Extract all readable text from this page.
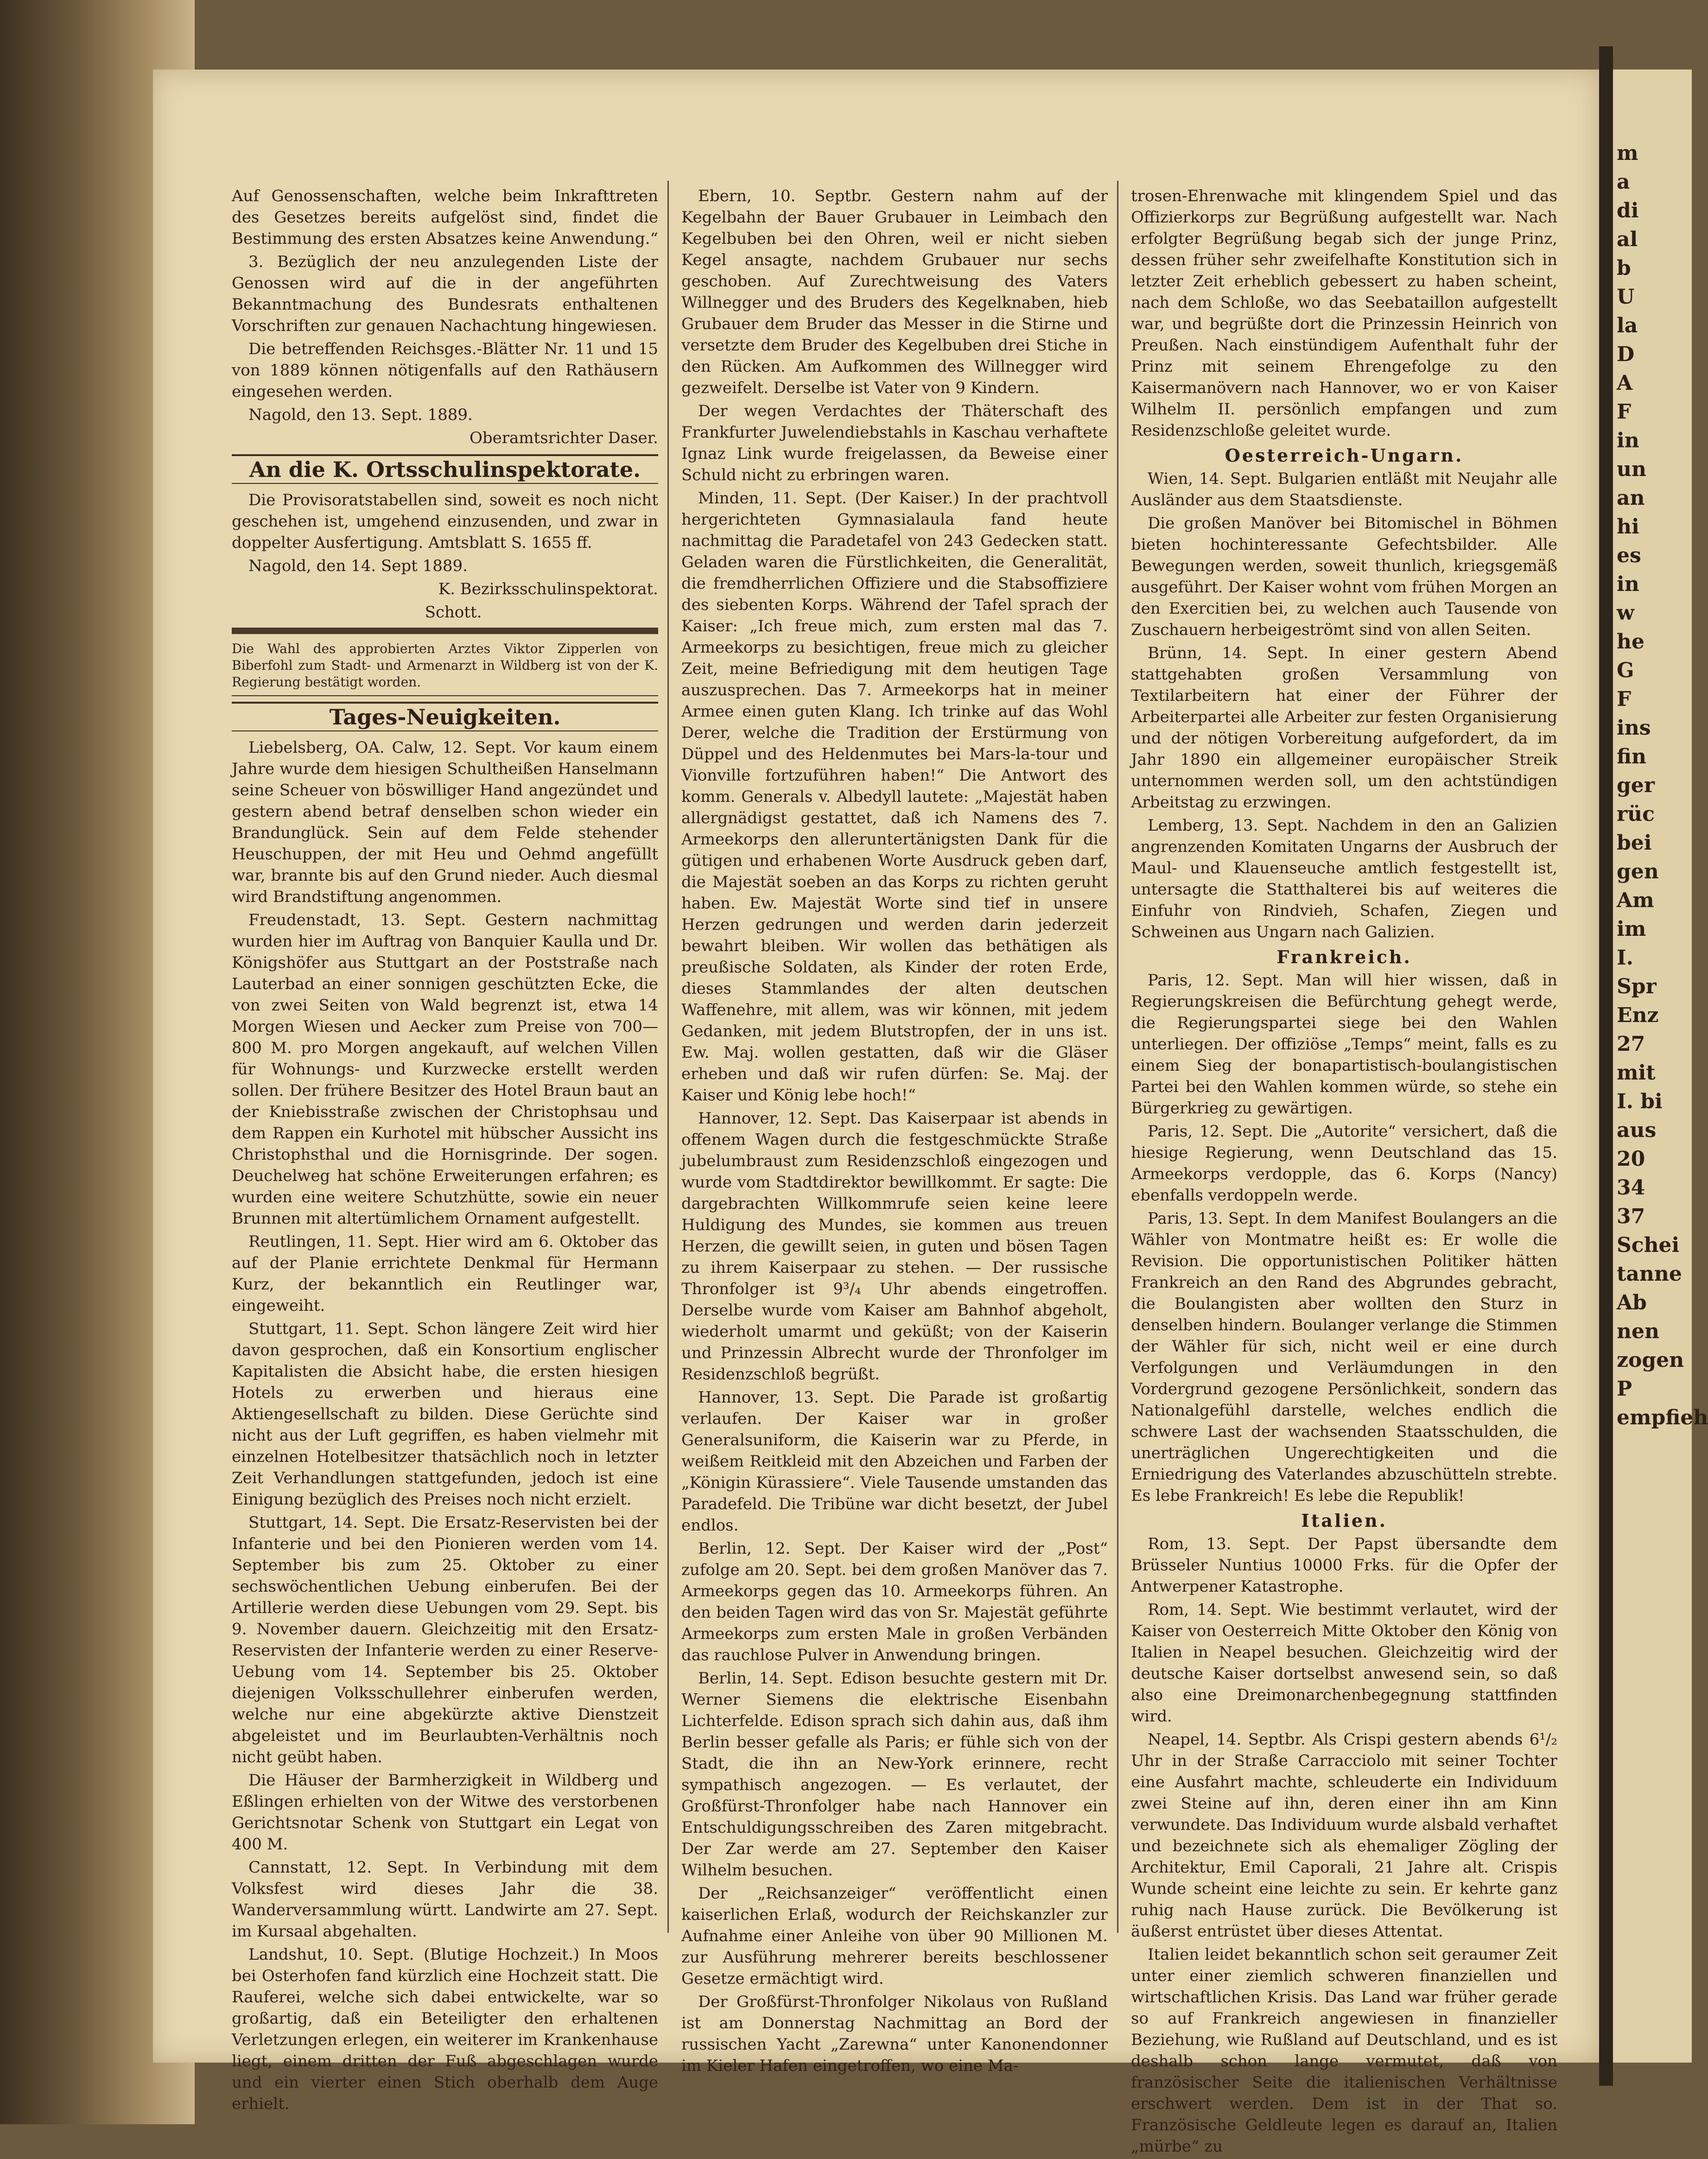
Auf Genossenschaften, welche beim Inkrafttreten des Gesetzes bereits aufgelöst sind, findet die Bestimmung des ersten Absatzes keine Anwendung.“

3. Bezüglich der neu anzulegenden Liste der Genossen wird auf die in der angeführten Bekanntmachung des Bundesrats enthaltenen Vorschriften zur genauen Nachachtung hingewiesen.

Die betreffenden Reichsges.-Blätter Nr. 11 und 15 von 1889 können nötigenfalls auf den Rathäusern eingesehen werden.

Nagold, den 13. Sept. 1889.

Oberamtsrichter Daser.

An die K. Ortsschulinspektorate.

Die Provisoratstabellen sind, soweit es noch nicht geschehen ist, umgehend einzusenden, und zwar in doppelter Ausfertigung. Amtsblatt S. 1655 ff.

Nagold, den 14. Sept 1889.

K. Bezirksschulinspektorat.

Schott.

Die Wahl des approbierten Arztes Viktor Zipperlen von Biberfohl zum Stadt- und Armenarzt in Wildberg ist von der K. Regierung bestätigt worden.
Tages-Neuigkeiten.

Liebelsberg, OA. Calw, 12. Sept. Vor kaum einem Jahre wurde dem hiesigen Schultheißen Hanselmann seine Scheuer von böswilliger Hand angezündet und gestern abend betraf denselben schon wieder ein Brandunglück. Sein auf dem Felde stehender Heuschuppen, der mit Heu und Oehmd angefüllt war, brannte bis auf den Grund nieder. Auch diesmal wird Brandstiftung angenommen.

Freudenstadt, 13. Sept. Gestern nachmittag wurden hier im Auftrag von Banquier Kaulla und Dr. Königshöfer aus Stuttgart an der Poststraße nach Lauterbad an einer sonnigen geschützten Ecke, die von zwei Seiten von Wald begrenzt ist, etwa 14 Morgen Wiesen und Aecker zum Preise von 700—800 M. pro Morgen angekauft, auf welchen Villen für Wohnungs- und Kurzwecke erstellt werden sollen. Der frühere Besitzer des Hotel Braun baut an der Kniebisstraße zwischen der Christophsau und dem Rappen ein Kurhotel mit hübscher Aussicht ins Christophsthal und die Hornisgrinde. Der sogen. Deuchelweg hat schöne Erweiterungen erfahren; es wurden eine weitere Schutzhütte, sowie ein neuer Brunnen mit altertümlichem Ornament aufgestellt.

Reutlingen, 11. Sept. Hier wird am 6. Oktober das auf der Planie errichtete Denkmal für Hermann Kurz, der bekanntlich ein Reutlinger war, eingeweiht.

Stuttgart, 11. Sept. Schon längere Zeit wird hier davon gesprochen, daß ein Konsortium englischer Kapitalisten die Absicht habe, die ersten hiesigen Hotels zu erwerben und hieraus eine Aktiengesellschaft zu bilden. Diese Gerüchte sind nicht aus der Luft gegriffen, es haben vielmehr mit einzelnen Hotelbesitzer thatsächlich noch in letzter Zeit Verhandlungen stattgefunden, jedoch ist eine Einigung bezüglich des Preises noch nicht erzielt.

Stuttgart, 14. Sept. Die Ersatz-Reservisten bei der Infanterie und bei den Pionieren werden vom 14. September bis zum 25. Oktober zu einer sechswöchentlichen Uebung einberufen. Bei der Artillerie werden diese Uebungen vom 29. Sept. bis 9. November dauern. Gleichzeitig mit den Ersatz-Reservisten der Infanterie werden zu einer Reserve-Uebung vom 14. September bis 25. Oktober diejenigen Volksschullehrer einberufen werden, welche nur eine abgekürzte aktive Dienstzeit abgeleistet und im Beurlaubten-Verhältnis noch nicht geübt haben.

Die Häuser der Barmherzigkeit in Wildberg und Eßlingen erhielten von der Witwe des verstorbenen Gerichtsnotar Schenk von Stuttgart ein Legat von 400 M.

Cannstatt, 12. Sept. In Verbindung mit dem Volksfest wird dieses Jahr die 38. Wanderversammlung württ. Landwirte am 27. Sept. im Kursaal abgehalten.

Landshut, 10. Sept. (Blutige Hochzeit.) In Moos bei Osterhofen fand kürzlich eine Hochzeit statt. Die Rauferei, welche sich dabei entwickelte, war so großartig, daß ein Beteiligter den erhaltenen Verletzungen erlegen, ein weiterer im Krankenhause liegt, einem dritten der Fuß abgeschlagen wurde und ein vierter einen Stich oberhalb dem Auge erhielt.

Ebern, 10. Septbr. Gestern nahm auf der Kegelbahn der Bauer Grubauer in Leimbach den Kegelbuben bei den Ohren, weil er nicht sieben Kegel ansagte, nachdem Grubauer nur sechs geschoben. Auf Zurechtweisung des Vaters Willnegger und des Bruders des Kegelknaben, hieb Grubauer dem Bruder das Messer in die Stirne und versetzte dem Bruder des Kegelbuben drei Stiche in den Rücken. Am Aufkommen des Willnegger wird gezweifelt. Derselbe ist Vater von 9 Kindern.

Der wegen Verdachtes der Thäterschaft des Frankfurter Juwelendiebstahls in Kaschau verhaftete Ignaz Link wurde freigelassen, da Beweise einer Schuld nicht zu erbringen waren.

Minden, 11. Sept. (Der Kaiser.) In der prachtvoll hergerichteten Gymnasialaula fand heute nachmittag die Paradetafel von 243 Gedecken statt. Geladen waren die Fürstlichkeiten, die Generalität, die fremdherrlichen Offiziere und die Stabsoffiziere des siebenten Korps. Während der Tafel sprach der Kaiser: „Ich freue mich, zum ersten mal das 7. Armeekorps zu besichtigen, freue mich zu gleicher Zeit, meine Befriedigung mit dem heutigen Tage auszusprechen. Das 7. Armeekorps hat in meiner Armee einen guten Klang. Ich trinke auf das Wohl Derer, welche die Tradition der Erstürmung von Düppel und des Heldenmutes bei Mars-la-tour und Vionville fortzuführen haben!“ Die Antwort des komm. Generals v. Albedyll lautete: „Majestät haben allergnädigst gestattet, daß ich Namens des 7. Armeekorps den alleruntertänigsten Dank für die gütigen und erhabenen Worte Ausdruck geben darf, die Majestät soeben an das Korps zu richten geruht haben. Ew. Majestät Worte sind tief in unsere Herzen gedrungen und werden darin jederzeit bewahrt bleiben. Wir wollen das bethätigen als preußische Soldaten, als Kinder der roten Erde, dieses Stammlandes der alten deutschen Waffenehre, mit allem, was wir können, mit jedem Gedanken, mit jedem Blutstropfen, der in uns ist. Ew. Maj. wollen gestatten, daß wir die Gläser erheben und daß wir rufen dürfen: Se. Maj. der Kaiser und König lebe hoch!“

Hannover, 12. Sept. Das Kaiserpaar ist abends in offenem Wagen durch die festgeschmückte Straße jubelumbraust zum Residenzschloß eingezogen und wurde vom Stadtdirektor bewillkommt. Er sagte: Die dargebrachten Willkommrufe seien keine leere Huldigung des Mundes, sie kommen aus treuen Herzen, die gewillt seien, in guten und bösen Tagen zu ihrem Kaiserpaar zu stehen. — Der russische Thronfolger ist 9³/₄ Uhr abends eingetroffen. Derselbe wurde vom Kaiser am Bahnhof abgeholt, wiederholt umarmt und geküßt; von der Kaiserin und Prinzessin Albrecht wurde der Thronfolger im Residenzschloß begrüßt.

Hannover, 13. Sept. Die Parade ist großartig verlaufen. Der Kaiser war in großer Generalsuniform, die Kaiserin war zu Pferde, in weißem Reitkleid mit den Abzeichen und Farben der „Königin Kürassiere“. Viele Tausende umstanden das Paradefeld. Die Tribüne war dicht besetzt, der Jubel endlos.

Berlin, 12. Sept. Der Kaiser wird der „Post“ zufolge am 20. Sept. bei dem großen Manöver das 7. Armeekorps gegen das 10. Armeekorps führen. An den beiden Tagen wird das von Sr. Majestät geführte Armeekorps zum ersten Male in großen Verbänden das rauchlose Pulver in Anwendung bringen.

Berlin, 14. Sept. Edison besuchte gestern mit Dr. Werner Siemens die elektrische Eisenbahn Lichterfelde. Edison sprach sich dahin aus, daß ihm Berlin besser gefalle als Paris; er fühle sich von der Stadt, die ihn an New-York erinnere, recht sympathisch angezogen. — Es verlautet, der Großfürst-Thronfolger habe nach Hannover ein Entschuldigungsschreiben des Zaren mitgebracht. Der Zar werde am 27. September den Kaiser Wilhelm besuchen.

Der „Reichsanzeiger“ veröffentlicht einen kaiserlichen Erlaß, wodurch der Reichskanzler zur Aufnahme einer Anleihe von über 90 Millionen M. zur Ausführung mehrerer bereits beschlossener Gesetze ermächtigt wird.

Der Großfürst-Thronfolger Nikolaus von Rußland ist am Donnerstag Nachmittag an Bord der russischen Yacht „Zarewna“ unter Kanonendonner im Kieler Hafen eingetroffen, wo eine Ma-

trosen-Ehrenwache mit klingendem Spiel und das Offizierkorps zur Begrüßung aufgestellt war. Nach erfolgter Begrüßung begab sich der junge Prinz, dessen früher sehr zweifelhafte Konstitution sich in letzter Zeit erheblich gebessert zu haben scheint, nach dem Schloße, wo das Seebataillon aufgestellt war, und begrüßte dort die Prinzessin Heinrich von Preußen. Nach einstündigem Aufenthalt fuhr der Prinz mit seinem Ehrengefolge zu den Kaisermanövern nach Hannover, wo er von Kaiser Wilhelm II. persönlich empfangen und zum Residenzschloße geleitet wurde.

Oesterreich-Ungarn.

Wien, 14. Sept. Bulgarien entläßt mit Neujahr alle Ausländer aus dem Staatsdienste.

Die großen Manöver bei Bitomischel in Böhmen bieten hochinteressante Gefechtsbilder. Alle Bewegungen werden, soweit thunlich, kriegsgemäß ausgeführt. Der Kaiser wohnt vom frühen Morgen an den Exercitien bei, zu welchen auch Tausende von Zuschauern herbeigeströmt sind von allen Seiten.

Brünn, 14. Sept. In einer gestern Abend stattgehabten großen Versammlung von Textilarbeitern hat einer der Führer der Arbeiterpartei alle Arbeiter zur festen Organisierung und der nötigen Vorbereitung aufgefordert, da im Jahr 1890 ein allgemeiner europäischer Streik unternommen werden soll, um den achtstündigen Arbeitstag zu erzwingen.

Lemberg, 13. Sept. Nachdem in den an Galizien angrenzenden Komitaten Ungarns der Ausbruch der Maul- und Klauenseuche amtlich festgestellt ist, untersagte die Statthalterei bis auf weiteres die Einfuhr von Rindvieh, Schafen, Ziegen und Schweinen aus Ungarn nach Galizien.

Frankreich.

Paris, 12. Sept. Man will hier wissen, daß in Regierungskreisen die Befürchtung gehegt werde, die Regierungspartei siege bei den Wahlen unterliegen. Der offiziöse „Temps“ meint, falls es zu einem Sieg der bonapartistisch-boulangistischen Partei bei den Wahlen kommen würde, so stehe ein Bürgerkrieg zu gewärtigen.

Paris, 12. Sept. Die „Autorite“ versichert, daß die hiesige Regierung, wenn Deutschland das 15. Armeekorps verdopple, das 6. Korps (Nancy) ebenfalls verdoppeln werde.

Paris, 13. Sept. In dem Manifest Boulangers an die Wähler von Montmatre heißt es: Er wolle die Revision. Die opportunistischen Politiker hätten Frankreich an den Rand des Abgrundes gebracht, die Boulangisten aber wollten den Sturz in denselben hindern. Boulanger verlange die Stimmen der Wähler für sich, nicht weil er eine durch Verfolgungen und Verläumdungen in den Vordergrund gezogene Persönlichkeit, sondern das Nationalgefühl darstelle, welches endlich die schwere Last der wachsenden Staatsschulden, die unerträglichen Ungerechtigkeiten und die Erniedrigung des Vaterlandes abzuschütteln strebte. Es lebe Frankreich! Es lebe die Republik!

Italien.

Rom, 13. Sept. Der Papst übersandte dem Brüsseler Nuntius 10000 Frks. für die Opfer der Antwerpener Katastrophe.

Rom, 14. Sept. Wie bestimmt verlautet, wird der Kaiser von Oesterreich Mitte Oktober den König von Italien in Neapel besuchen. Gleichzeitig wird der deutsche Kaiser dortselbst anwesend sein, so daß also eine Dreimonarchenbegegnung stattfinden wird.

Neapel, 14. Septbr. Als Crispi gestern abends 6¹/₂ Uhr in der Straße Carracciolo mit seiner Tochter eine Ausfahrt machte, schleuderte ein Individuum zwei Steine auf ihn, deren einer ihn am Kinn verwundete. Das Individuum wurde alsbald verhaftet und bezeichnete sich als ehemaliger Zögling der Architektur, Emil Caporali, 21 Jahre alt. Crispis Wunde scheint eine leichte zu sein. Er kehrte ganz ruhig nach Hause zurück. Die Bevölkerung ist äußerst entrüstet über dieses Attentat.

Italien leidet bekanntlich schon seit geraumer Zeit unter einer ziemlich schweren finanziellen und wirtschaftlichen Krisis. Das Land war früher gerade so auf Frankreich angewiesen in finanzieller Beziehung, wie Rußland auf Deutschland, und es ist deshalb schon lange vermutet, daß von französischer Seite die italienischen Verhältnisse erschwert werden. Dem ist in der That so. Französische Geldleute legen es darauf an, Italien „mürbe“ zu

m
a
di
al
b
U
la
D
A
F
in
un
an
hi
es
in
w
he
G
F
ins
fin
ger
rüc
bei
gen
Am
im
I.
Spr
Enz
27
mit
I. bi
aus
20
34
37
Schei
tanne
Ab
nen
zogen
P
empfieh
